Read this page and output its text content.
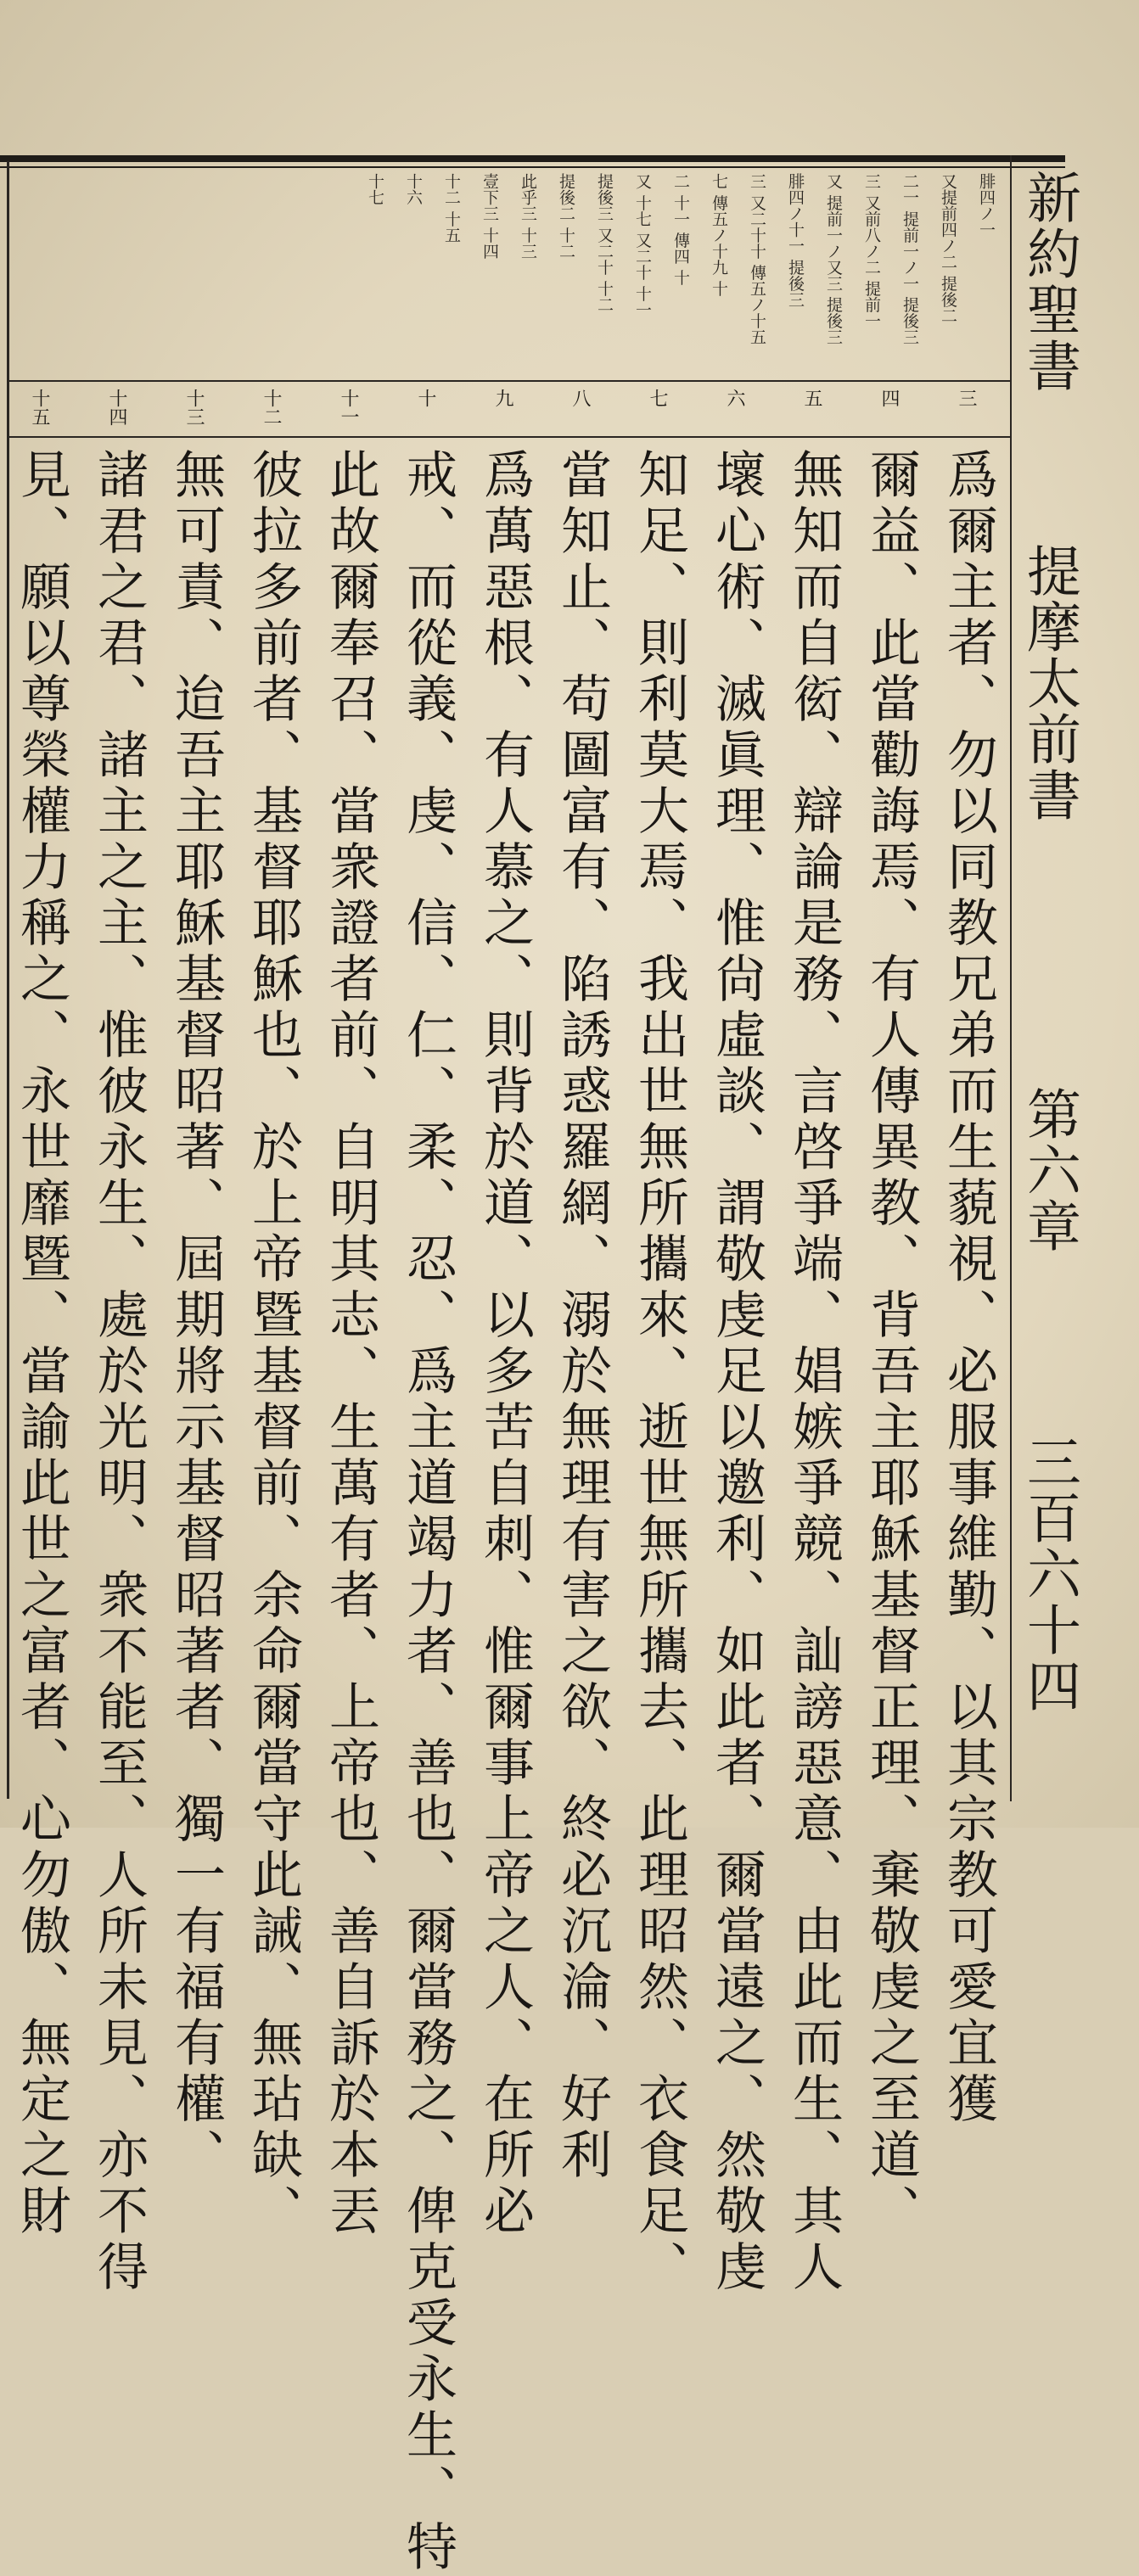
新約聖書
提摩太前書
第六章
三百六十四
腓四ノ一
又提前四ノ二 提後二
二一 提前一ノ一 提後三
三 又前八ノ二 提前一
又 提前一ノ又三 提後三
腓四ノ十一 提後三
三 又二十十 傳五ノ十五
七 傳五ノ十九 十
二 十一 傳四 十
又 十七 又二十 十一
提後三 又二十 十二
提後二 十二
此乎三 十三
壹下三 十四
十二 十五
十六
十七
三
四
五
六
七
八
九
十
十一
十二
十三
十四
十五
爲爾主者、勿以同教兄弟而生藐視、必服事維勤、以其宗教可愛宜獲
爾益、此當勸誨焉、有人傳異教、背吾主耶穌基督正理、棄敬虔之至道、
無知而自衒、辯論是務、言啓爭端、娼嫉爭競、訕謗惡意、由此而生、其人
壞心術、滅眞理、惟尙虛談、謂敬虔足以邀利、如此者、爾當遠之、然敬虔
知足、則利莫大焉、我出世無所攜來、逝世無所攜去、此理昭然、衣食足、
當知止、苟圖富有、陷誘惑羅網、溺於無理有害之欲、終必沉淪、好利
爲萬惡根、有人慕之、則背於道、以多苦自刺、惟爾事上帝之人、在所必
戒、而從義、虔、信、仁、柔、忍、爲主道竭力者、善也、爾當務之、俾克受永生、特
此故爾奉召、當衆證者前、自明其志、生萬有者、上帝也、善自訴於本丟
彼拉多前者、基督耶穌也、於上帝暨基督前、余命爾當守此誡、無玷缺、
無可責、迨吾主耶穌基督昭著、屆期將示基督昭著者、獨一有福有權、
諸君之君、諸主之主、惟彼永生、處於光明、衆不能至、人所未見、亦不得
見、願以尊榮權力稱之、永世靡暨、當諭此世之富者、心勿傲、無定之財
